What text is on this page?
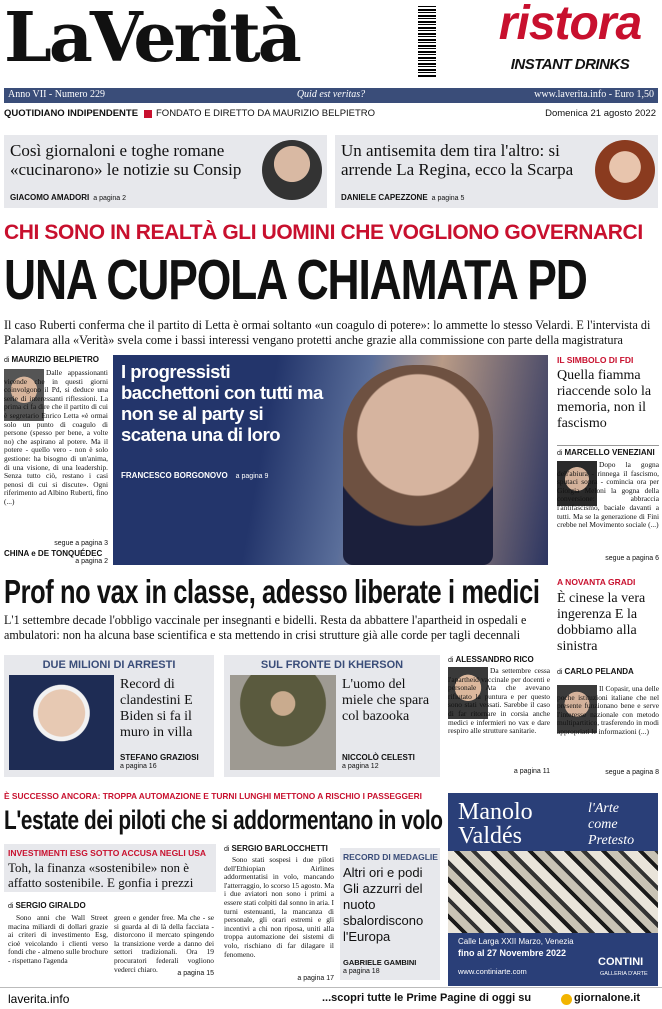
LaVerità	ristora
INSTANT DRINKS
Anno VII - Numero 229	Quid est veritas?	www.laverita.info - Euro 1,50
QUOTIDIANO INDIPENDENTE FONDATO E DIRETTO DA MAURIZIO BELPIETRO	Domenica 21 agosto 2022
Così giornaloni e toghe romane «cucinarono» le notizie su Consip
GIACOMO AMADORI a pagina 2
Un antisemita dem tira l'altro: si arrende La Regina, ecco la Scarpa
DANIELE CAPEZZONE a pagina 5
CHI SONO IN REALTÀ GLI UOMINI CHE VOGLIONO GOVERNARCI
UNA CUPOLA CHIAMATA PD
Il caso Ruberti conferma che il partito di Letta è ormai soltanto «un coagulo di potere»: lo ammette lo stesso Velardi. E l'intervista di Palamara alla «Verità» svela come i bassi interessi vengano protetti anche grazie alla commissione con parte della magistratura
di MAURIZIO BELPIETRO
Dalle appassionanti vicende che in questi giorni coinvolgono il Pd, si deduce una serie di interessanti riflessioni. La prima ci fa dire che il partito di cui è segretario Enrico Letta «è ormai solo un punto di coagulo di persone (spesso per bene, a volte no) che aspirano al potere. Ma il potere - quello vero - non è solo gestione: ha bisogno di un'anima, di una visione, di una leadership. Senza tutto ciò, restano i casi penosi di cui si discute». Ogni riferimento ad Albino Ruberti, fino (...)
segue a pagina 3
CHINA e DE TONQUÉDEC
a pagina 2
I progressisti bacchettoni con tutti ma non se al party si scatena una di loro
FRANCESCO BORGONOVO a pagina 9
IL SIMBOLO DI FDI
Quella fiamma riaccende solo la memoria, non il fascismo
di MARCELLO VENEZIANI
Dopo la gogna dell'abiura - rinnega il fascismo, sputaci sopra - comincia ora per Giorgia Meloni la gogna della conversione: abbraccia l'antifascismo, baciale davanti a tutti. Ma se la generazione di Fini crebbe nel Movimento sociale (...)
segue a pagina 6
Prof no vax in classe, adesso liberate i medici
L'1 settembre decade l'obbligo vaccinale per insegnanti e bidelli. Resta da abbattere l'apartheid in ospedali e ambulatori: non ha alcuna base scientifica e sta mettendo in crisi strutture già alle corde per tagli decennali
A NOVANTA GRADI
È cinese la vera ingerenza E la dobbiamo alla sinistra
di CARLO PELANDA
Il Copasir, una delle poche istituzioni italiane che nel presente funzionano bene e serve l'interesse nazionale con metodo multipartitico, trasferendo in modi appropriati le informazioni (...)
segue a pagina 8
DUE MILIONI DI ARRESTI
Record di clandestini E Biden si fa il muro in villa
STEFANO GRAZIOSI
a pagina 16
SUL FRONTE DI KHERSON
L'uomo del miele che spara col bazooka
NICCOLÒ CELESTI
a pagina 12
di ALESSANDRO RICO
Da settembre cessa l'apartheid vaccinale per docenti e personale Ata che avevano rifiutato la puntura e per questo sono stati vessati. Sarebbe il caso di far ritornare in corsia anche medici e infermieri no vax e dare respiro alle strutture sanitarie.
a pagina 11
È SUCCESSO ANCORA: TROPPA AUTOMAZIONE E TURNI LUNGHI METTONO A RISCHIO I PASSEGGERI
L'estate dei piloti che si addormentano in volo
INVESTIMENTI ESG SOTTO ACCUSA NEGLI USA
Toh, la finanza «sostenibile» non è affatto sostenibile. E gonfia i prezzi
di SERGIO GIRALDO
Sono anni che Wall Street macina miliardi di dollari grazie ai criteri di investimento Esg, cioè veicolando i clienti verso fondi che - almeno sulle brochure - rispettano l'agenda
green e gender free. Ma che - se si guarda al di là della facciata - distorcono il mercato spingendo la transizione verde a danno dei settori tradizionali. Ora 19 procuratori federali vogliono vederci chiaro.	a pagina 15
di SERGIO BARLOCCHETTI
Sono stati sospesi i due piloti dell'Ethiopian Airlines addormentatisi in volo, mancando l'atterraggio, lo scorso 15 agosto. Ma i due aviatori non sono i primi a essere stati colpiti dal sonno in aria. I turni estenuanti, la mancanza di personale, gli orari estremi e gli incentivi a chi non riposa, uniti alla troppa automazione dei sistemi di volo, rischiano di far dilagare il fenomeno.
a pagina 17
RECORD DI MEDAGLIE
Altri ori e podi Gli azzurri del nuoto sbalordiscono l'Europa
GABRIELE GAMBINI
a pagina 18
Manolo
Valdés
l'Arte
come
Pretesto
Calle Larga XXII Marzo, Venezia
fino al 27 Novembre 2022
www.continiarte.com
CONTINI
GALLERIA D'ARTE
laverita.info	...scopri tutte le Prime Pagine di oggi su	giornalone.it
